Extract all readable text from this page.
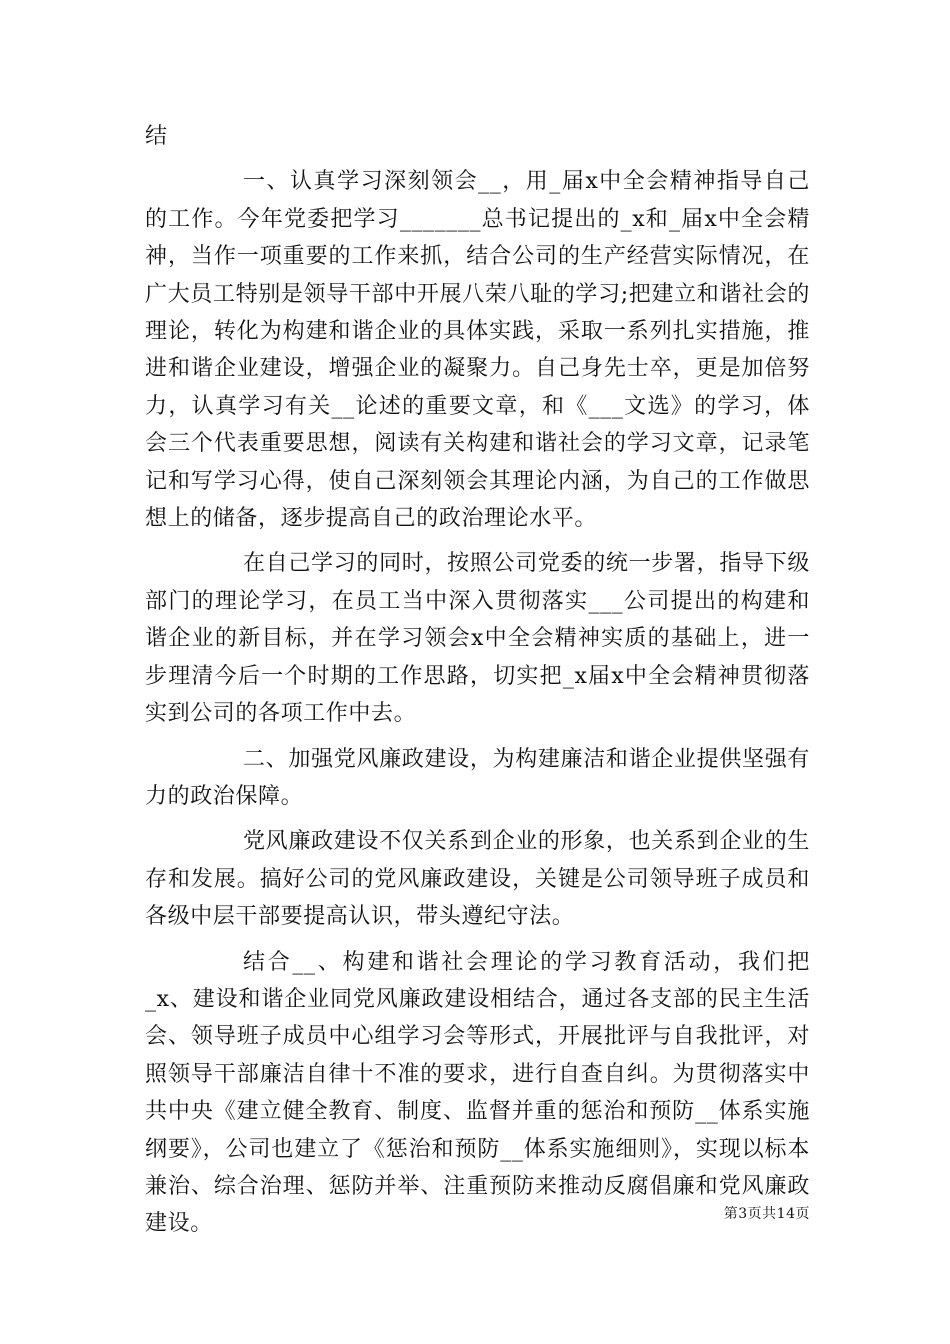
结

一、认真学习深刻领会__，用_届x中全会精神指导自己的工作。今年党委把学习_______总书记提出的_x和_届x中全会精神，当作一项重要的工作来抓，结合公司的生产经营实际情况，在广大员工特别是领导干部中开展八荣八耻的学习;把建立和谐社会的理论，转化为构建和谐企业的具体实践，采取一系列扎实措施，推进和谐企业建设，增强企业的凝聚力。自己身先士卒，更是加倍努力，认真学习有关__论述的重要文章，和《___文选》的学习，体会三个代表重要思想，阅读有关构建和谐社会的学习文章，记录笔记和写学习心得，使自己深刻领会其理论内涵，为自己的工作做思想上的储备，逐步提高自己的政治理论水平。

在自己学习的同时，按照公司党委的统一步署，指导下级部门的理论学习，在员工当中深入贯彻落实___公司提出的构建和谐企业的新目标，并在学习领会x中全会精神实质的基础上，进一步理清今后一个时期的工作思路，切实把_x届x中全会精神贯彻落实到公司的各项工作中去。

二、加强党风廉政建设，为构建廉洁和谐企业提供坚强有力的政治保障。

党风廉政建设不仅关系到企业的形象，也关系到企业的生存和发展。搞好公司的党风廉政建设，关键是公司领导班子成员和各级中层干部要提高认识，带头遵纪守法。

结合__、构建和谐社会理论的学习教育活动，我们把_x、建设和谐企业同党风廉政建设相结合，通过各支部的民主生活会、领导班子成员中心组学习会等形式，开展批评与自我批评，对照领导干部廉洁自律十不准的要求，进行自查自纠。为贯彻落实中共中央《建立健全教育、制度、监督并重的惩治和预防__体系实施纲要》，公司也建立了《惩治和预防__体系实施细则》，实现以标本兼治、综合治理、惩防并举、注重预防来推动反腐倡廉和党风廉政建设。	第3页共14页
